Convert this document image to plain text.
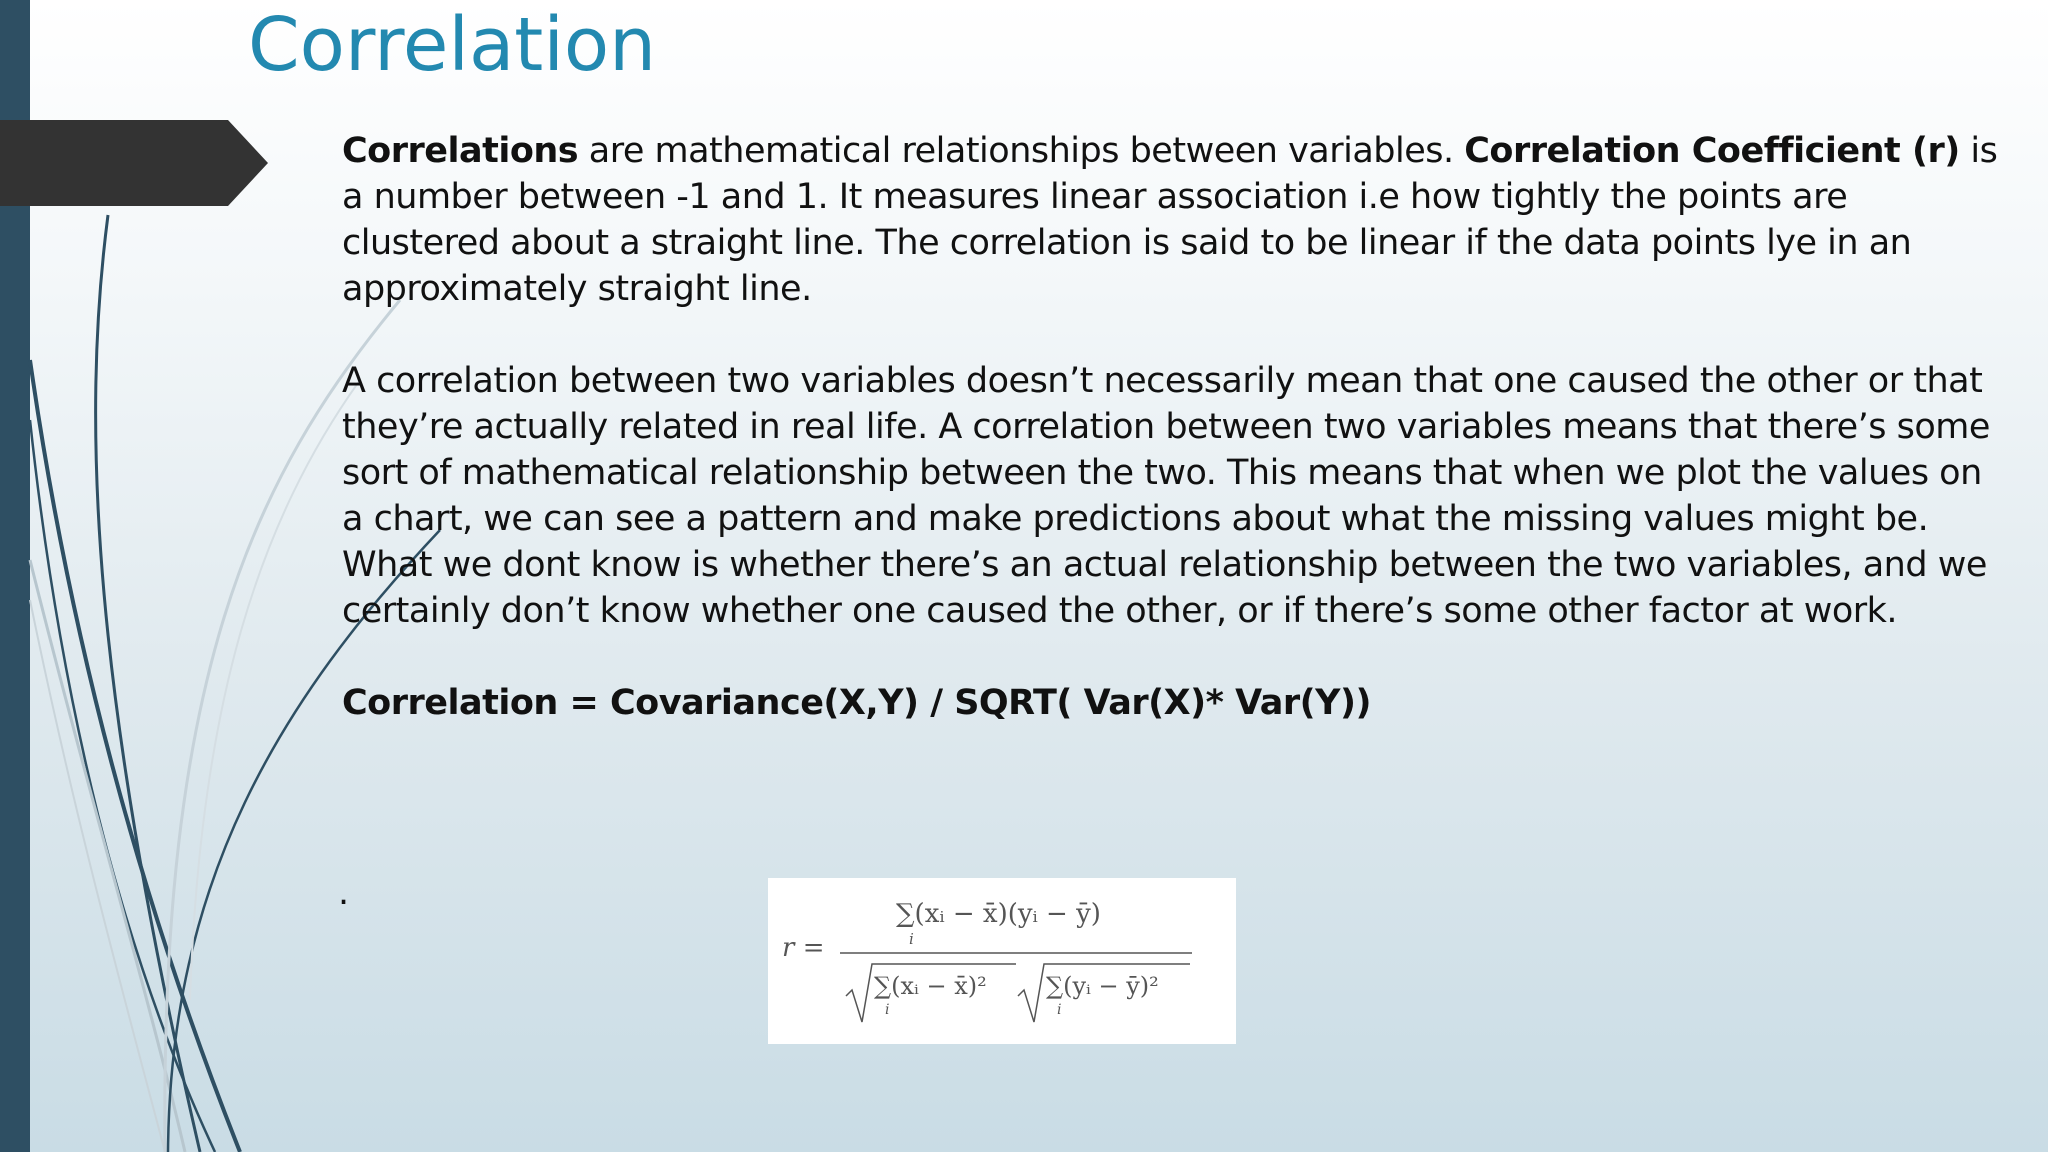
Correlation

Correlations are mathematical relationships between variables. Correlation Coefficient (r) is a number between -1 and 1. It measures linear association i.e how tightly the points are clustered about a straight line. The correlation is said to be linear if the data points lye in an approximately straight line.

A correlation between two variables doesn’t necessarily mean that one caused the other or that they’re actually related in real life. A correlation between two variables means that there’s some sort of mathematical relationship between the two. This means that when we plot the values on a chart, we can see a pattern and make predictions about what the missing values might be. What we dont know is whether there’s an actual relationship between the two variables, and we certainly don’t know whether one caused the other, or if there’s some other factor at work.

Correlation = Covariance(X,Y) / SQRT( Var(X)* Var(Y))

.
r =
∑(xᵢ − x̄)(yᵢ − ȳ)
i
∑(xᵢ − x̄)²
i
∑(yᵢ − ȳ)²
i
